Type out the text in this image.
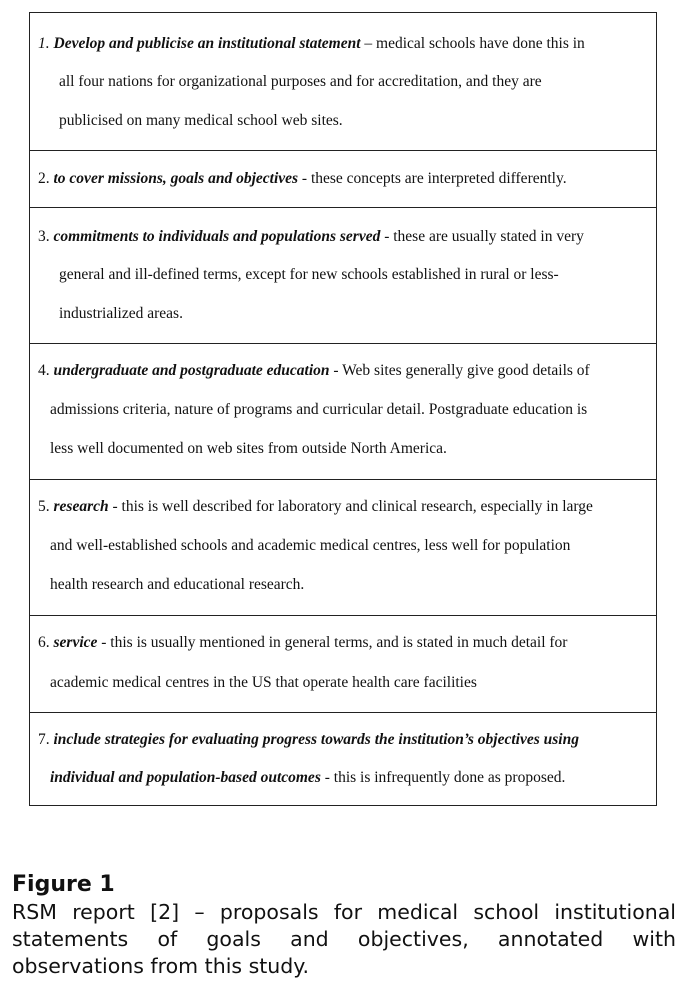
1. Develop and publicise an institutional statement – medical schools have done this in
all four nations for organizational purposes and for accreditation, and they are
publicised on many medical school web sites.
2. to cover missions, goals and objectives - these concepts are interpreted differently.
3. commitments to individuals and populations served - these are usually stated in very
general and ill-defined terms, except for new schools established in rural or less-
industrialized areas.
4. undergraduate and postgraduate education - Web sites generally give good details of
admissions criteria, nature of programs and curricular detail. Postgraduate education is
less well documented on web sites from outside North America.
5. research - this is well described for laboratory and clinical research, especially in large
and well-established schools and academic medical centres, less well for population
health research and educational research.
6. service - this is usually mentioned in general terms, and is stated in much detail for
academic medical centres in the US that operate health care facilities
7. include strategies for evaluating progress towards the institution’s objectives using
individual and population-based outcomes - this is infrequently done as proposed.
Figure 1
RSM report [2] – proposals for medical school institutional statements of goals and objectives, annotated with observations from this study.
